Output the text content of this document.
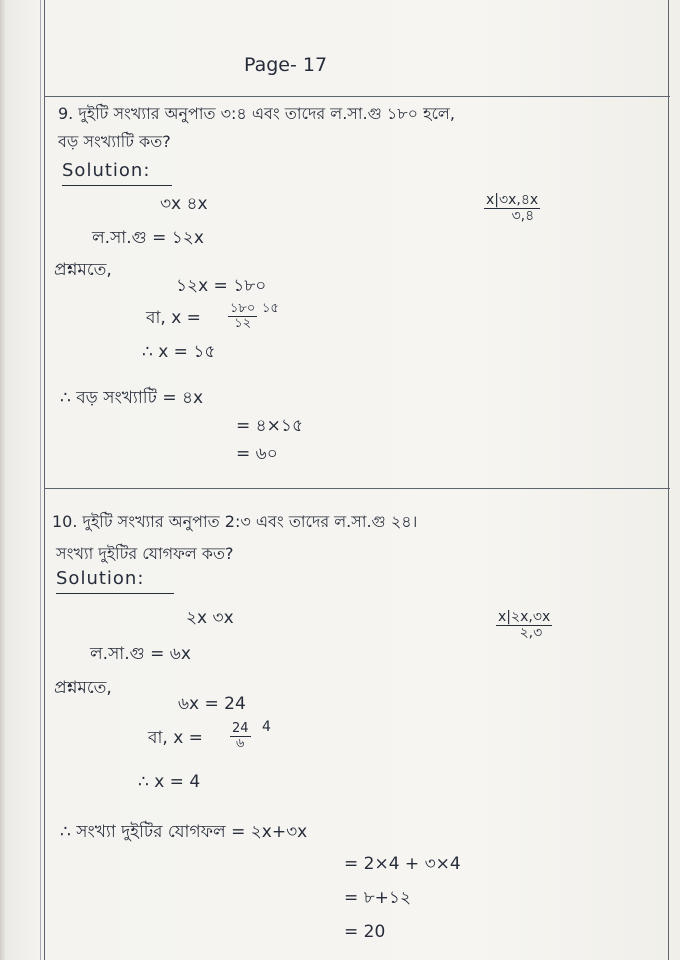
Page- 17
9. দুইটি সংখ্যার অনুপাত ৩:৪ এবং তাদের ল.সা.গু ১৮০ হলে,
বড় সংখ্যাটি কত?
Solution:
৩x ৪x	x|৩x,৪x
৩,৪
ল.সা.গু = ১২x
প্রশ্নমতে,
১২x = ১৮০
বা, x = ১৮০
১২
১৫
∴ x = ১৫
∴ বড় সংখ্যাটি = ৪x
= ৪×১৫
= ৬০
10. দুইটি সংখ্যার অনুপাত 2:৩ এবং তাদের ল.সা.গু ২৪।
সংখ্যা দুইটির যোগফল কত?
Solution:
২x ৩x	x|২x,৩x
২,৩
ল.সা.গু = ৬x
প্রশ্নমতে,
৬x = 24
বা, x = 24
৬
4
∴ x = 4
∴ সংখ্যা দুইটির যোগফল = ২x+৩x
= 2×4 + ৩×4
= ৮+১২
= 20
